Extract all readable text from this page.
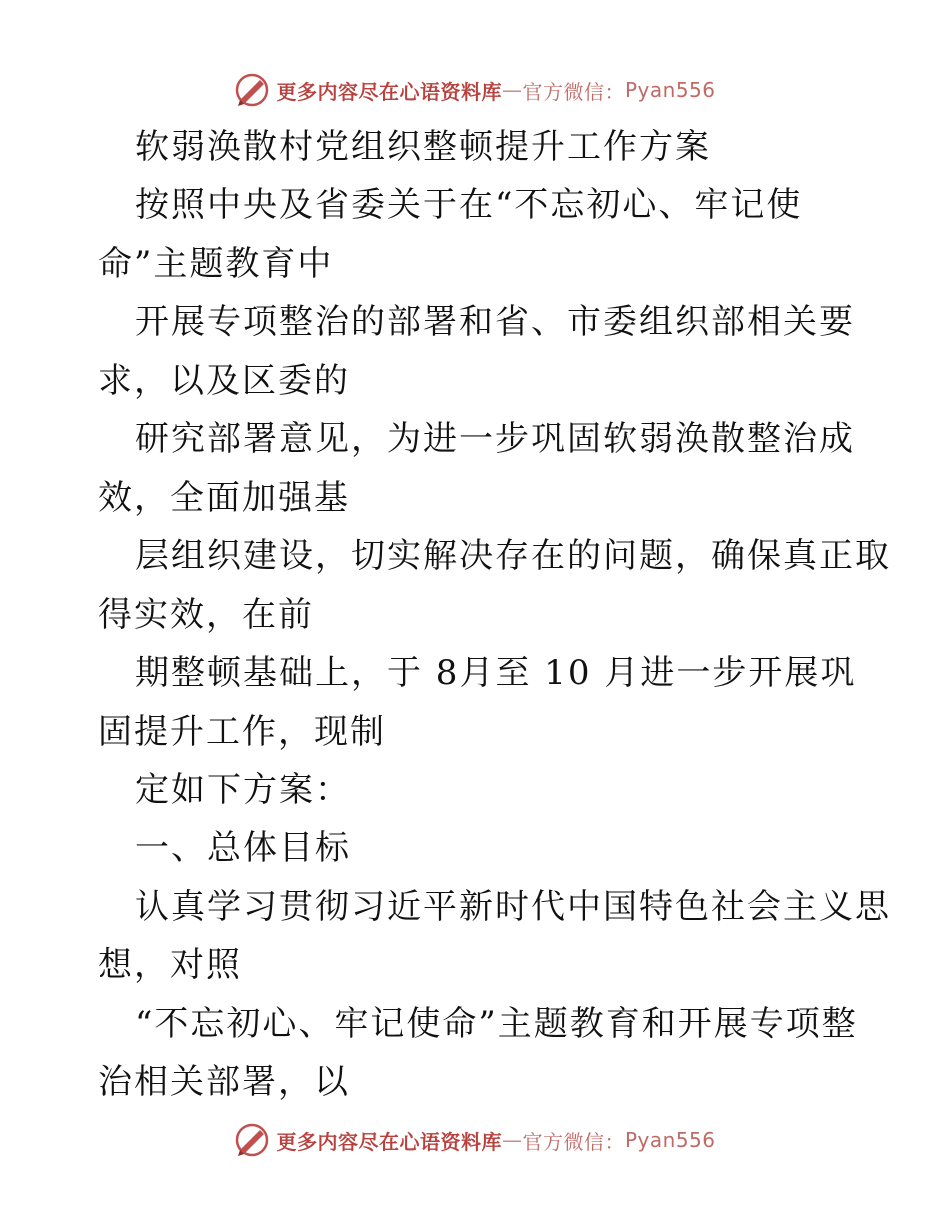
更多内容尽在心语资料库 — 官方微信： Pyan556
软弱涣散村党组织整顿提升工作方案
按照中央及省委关于在“不忘初心、牢记使
命”主题教育中
开展专项整治的部署和省、市委组织部相关要
求，以及区委的
研究部署意见，为进一步巩固软弱涣散整治成
效，全面加强基
层组织建设，切实解决存在的问题，确保真正取
得实效，在前
期整顿基础上，于 8月至 10 月进一步开展巩
固提升工作，现制
定如下方案：
一、总体目标
认真学习贯彻习近平新时代中国特色社会主义思
想，对照
“不忘初心、牢记使命”主题教育和开展专项整
治相关部署，以
更多内容尽在心语资料库 — 官方微信： Pyan556
